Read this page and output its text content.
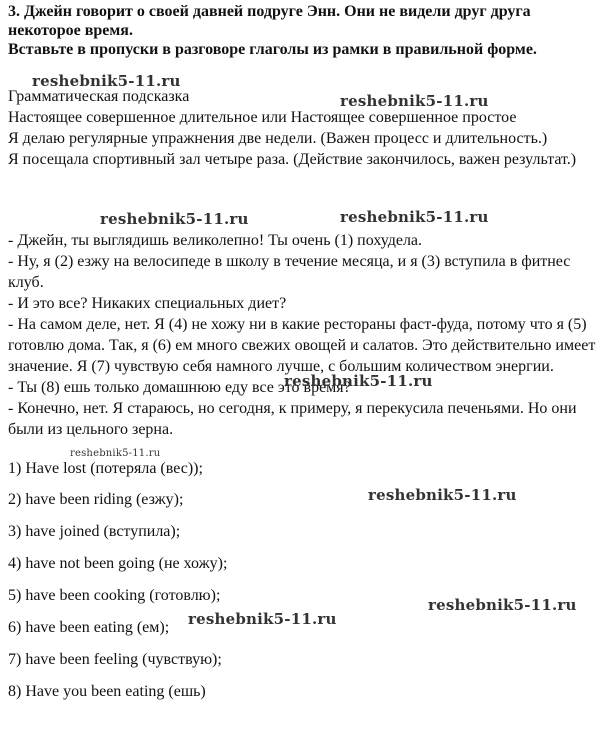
3. Джейн говорит о своей давней подруге Энн. Они не видели друг друга
некоторое время.
Вставьте в пропуски в разговоре глаголы из рамки в правильной форме.

Грамматическая подсказка

Настоящее совершенное длительное или Настоящее совершенное простое

Я делаю регулярные упражнения две недели. (Важен процесс и длительность.)

Я посещала спортивный зал четыре раза. (Действие закончилось, важен результат.)

- Джейн, ты выглядишь великолепно! Ты очень (1) похудела.

- Ну, я (2) езжу на велосипеде в школу в течение месяца, и я (3) вступила в фитнес клуб.

- И это все? Никаких специальных диет?

- На самом деле, нет. Я (4) не хожу ни в какие рестораны фаст-фуда, потому что я (5) готовлю дома. Так, я (6) ем много свежих овощей и салатов. Это действительно имеет значение. Я (7) чувствую себя намного лучше, с большим количеством энергии.

- Ты (8) ешь только домашнюю еду все это время?

- Конечно, нет. Я стараюсь, но сегодня, к примеру, я перекусила печеньями. Но они были из цельного зерна.

1) Have lost (потеряла (вес));
2) have been riding (езжу);
3) have joined (вступила);
4) have not been going (не хожу);
5) have been cooking (готовлю);
6) have been eating (ем);
7) have been feeling (чувствую);
8) Have you been eating (ешь)
reshebnik5-11.ru
reshebnik5-11.ru
reshebnik5-11.ru	reshebnik5-11.ru
reshebnik5-11.ru
reshebnik5-11.ru
reshebnik5-11.ru
reshebnik5-11.ru
reshebnik5-11.ru
